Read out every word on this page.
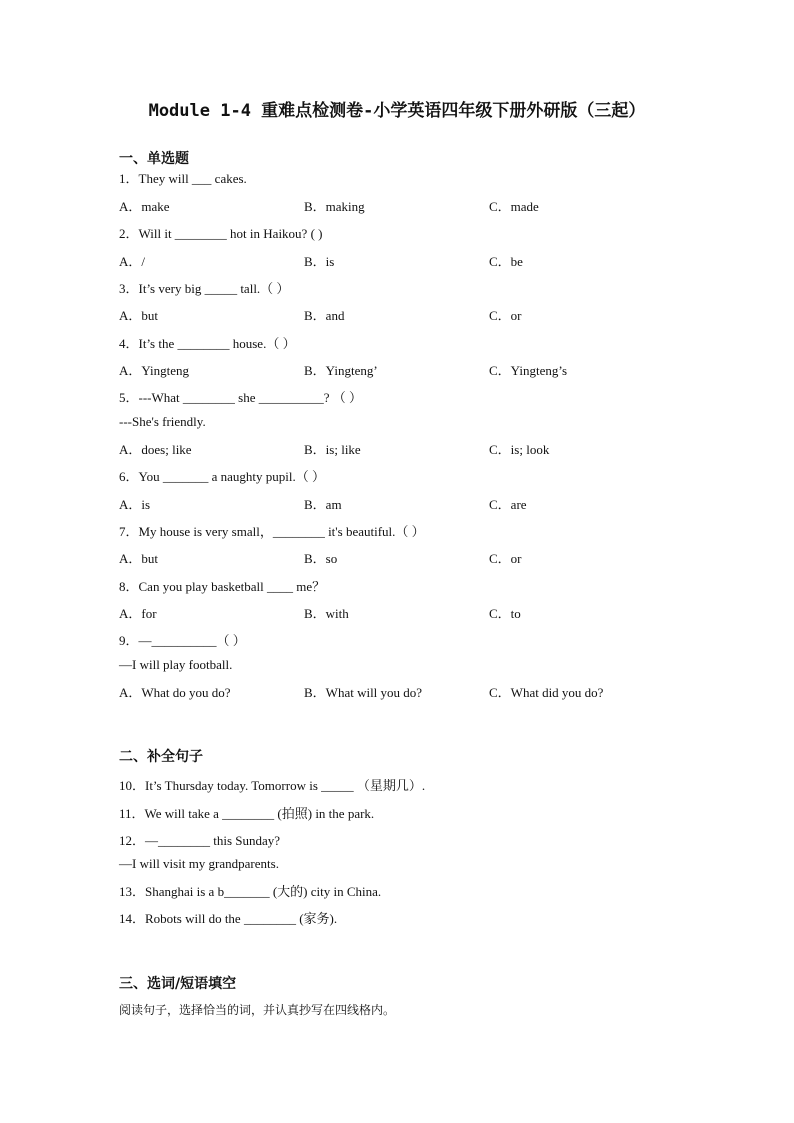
Module 1-4 重难点检测卷-小学英语四年级下册外研版（三起）
一、单选题
1．They will ___ cakes.
A．make	B．making	C．made
2．Will it ________ hot in Haikou? ( )
A．/	B．is	C．be
3．It’s very big _____ tall.（ ）
A．but	B．and	C．or
4．It’s the ________ house.（ ）
A．Yingteng	B．Yingteng’	C．Yingteng’s
5．---What ________ she __________? （ ）
---She's friendly.
A．does; like	B．is; like	C．is; look
6．You _______ a naughty pupil.（ ）
A．is	B．am	C．are
7．My house is very small，________ it's beautiful.（ ）
A．but	B．so	C．or
8．Can you play basketball ____ me？
A．for	B．with	C．to
9．—__________（ ）
—I will play football.
A．What do you do?	B．What will you do?	C．What did you do?
二、补全句子
10．It’s Thursday today. Tomorrow is _____ （星期几）.
11．We will take a ________ (拍照) in the park.
12．—________ this Sunday?
—I will visit my grandparents.
13．Shanghai is a b_______ (大的) city in China.
14．Robots will do the ________ (家务).
三、选词/短语填空
阅读句子，选择恰当的词，并认真抄写在四线格内。
